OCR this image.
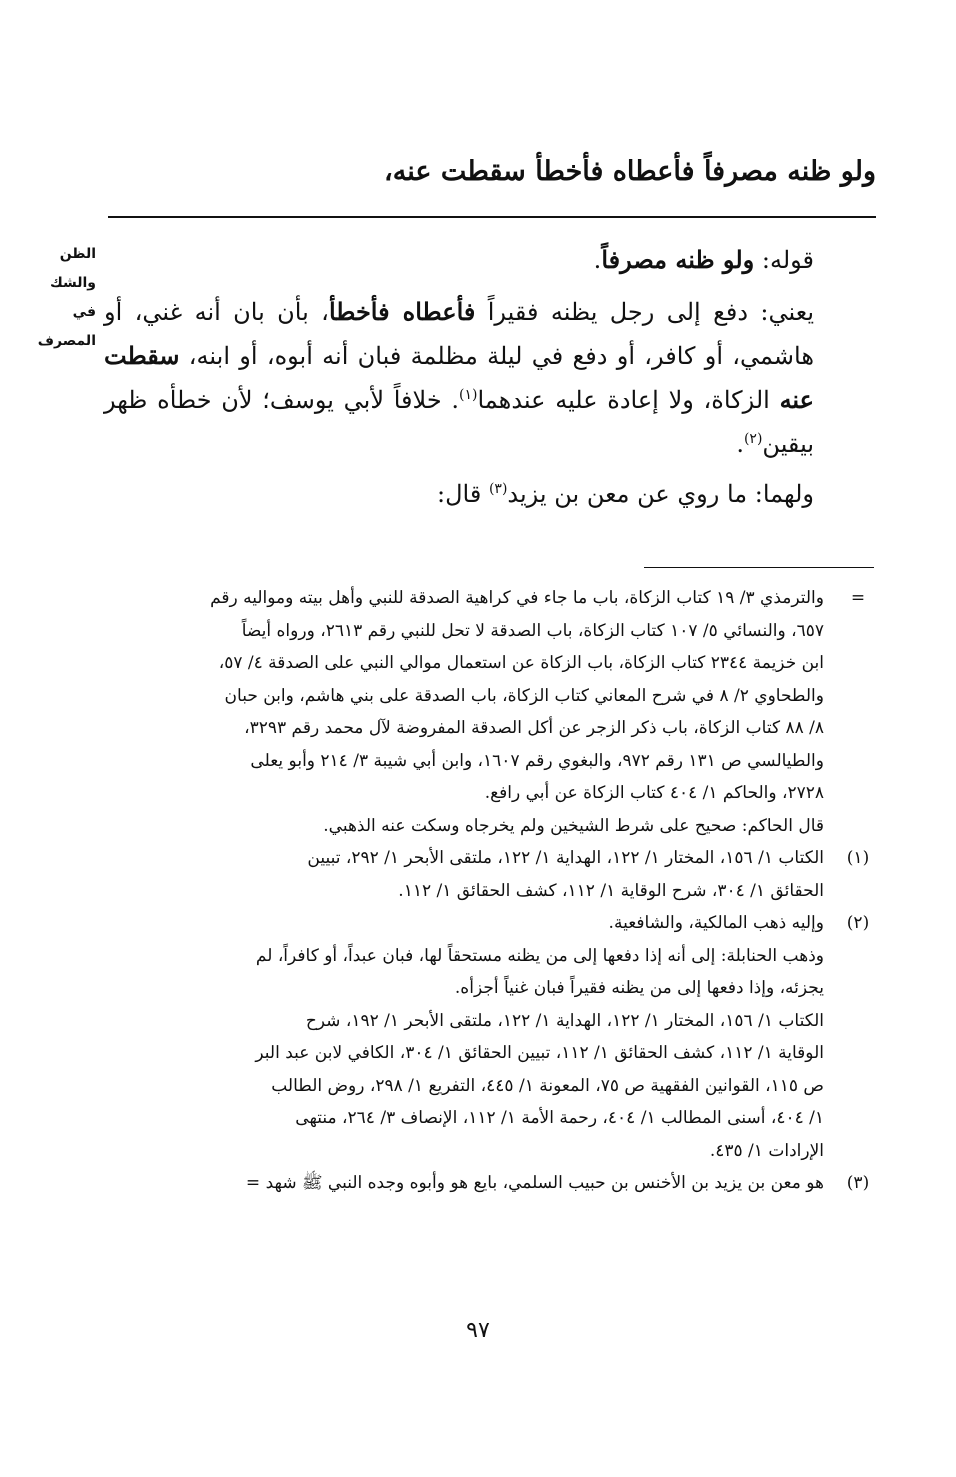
ولو ظنه مصرفاً فأعطاه فأخطأ سقطت عنه،
الظن
والشك
في
المصرف

قوله: ولو ظنه مصرفاً.

يعني: دفع إلى رجل يظنه فقيراً فأعطاه فأخطأ، بأن بان أنه غني، أو هاشمي، أو كافر، أو دفع في ليلة مظلمة فبان أنه أبوه، أو ابنه، سقطت عنه الزكاة، ولا إعادة عليه عندهما$^{(١)}$. خلافاً لأبي يوسف؛ لأن خطأه ظهر بيقين$^{(٢)}$.

ولهما: ما روي عن معن بن يزيد$^{(٣)}$ قال:

=
والترمذي ٣/ ١٩ كتاب الزكاة، باب ما جاء في كراهية الصدقة للنبي وأهل بيته ومواليه رقم
٦٥٧، والنسائي ٥/ ١٠٧ كتاب الزكاة، باب الصدقة لا تحل للنبي رقم ٢٦١٣، ورواه أيضاً
ابن خزيمة ٢٣٤٤ كتاب الزكاة، باب الزكاة عن استعمال موالي النبي على الصدقة ٤/ ٥٧،
والطحاوي ٢/ ٨ في شرح المعاني كتاب الزكاة، باب الصدقة على بني هاشم، وابن حبان
٨/ ٨٨ كتاب الزكاة، باب ذكر الزجر عن أكل الصدقة المفروضة لآل محمد رقم ٣٢٩٣،
والطيالسي ص ١٣١ رقم ٩٧٢، والبغوي رقم ١٦٠٧، وابن أبي شيبة ٣/ ٢١٤ وأبو يعلى
٢٧٢٨، والحاكم ١/ ٤٠٤ كتاب الزكاة عن أبي رافع.
قال الحاكم: صحيح على شرط الشيخين ولم يخرجاه وسكت عنه الذهبي.
(١)
الكتاب ١/ ١٥٦، المختار ١/ ١٢٢، الهداية ١/ ١٢٢، ملتقى الأبحر ١/ ٢٩٢، تبيين
الحقائق ١/ ٣٠٤، شرح الوقاية ١/ ١١٢، كشف الحقائق ١/ ١١٢.
(٢)
وإليه ذهب المالكية، والشافعية.
وذهب الحنابلة: إلى أنه إذا دفعها إلى من يظنه مستحقاً لها، فبان عبداً، أو كافراً، لم
يجزئه، وإذا دفعها إلى من يظنه فقيراً فبان غنياً أجزأه.
الكتاب ١/ ١٥٦، المختار ١/ ١٢٢، الهداية ١/ ١٢٢، ملتقى الأبحر ١/ ١٩٢، شرح
الوقاية ١/ ١١٢، كشف الحقائق ١/ ١١٢، تبيين الحقائق ١/ ٣٠٤، الكافي لابن عبد البر
ص ١١٥، القوانين الفقهية ص ٧٥، المعونة ١/ ٤٤٥، التفريع ١/ ٢٩٨، روض الطالب
١/ ٤٠٤، أسنى المطالب ١/ ٤٠٤، رحمة الأمة ١/ ١١٢، الإنصاف ٣/ ٢٦٤، منتهى
الإرادات ١/ ٤٣٥.
(٣)
هو معن بن يزيد بن الأخنس بن حبيب السلمي، بايع هو وأبوه وجده النبي ﷺ شهد =
٩٧
